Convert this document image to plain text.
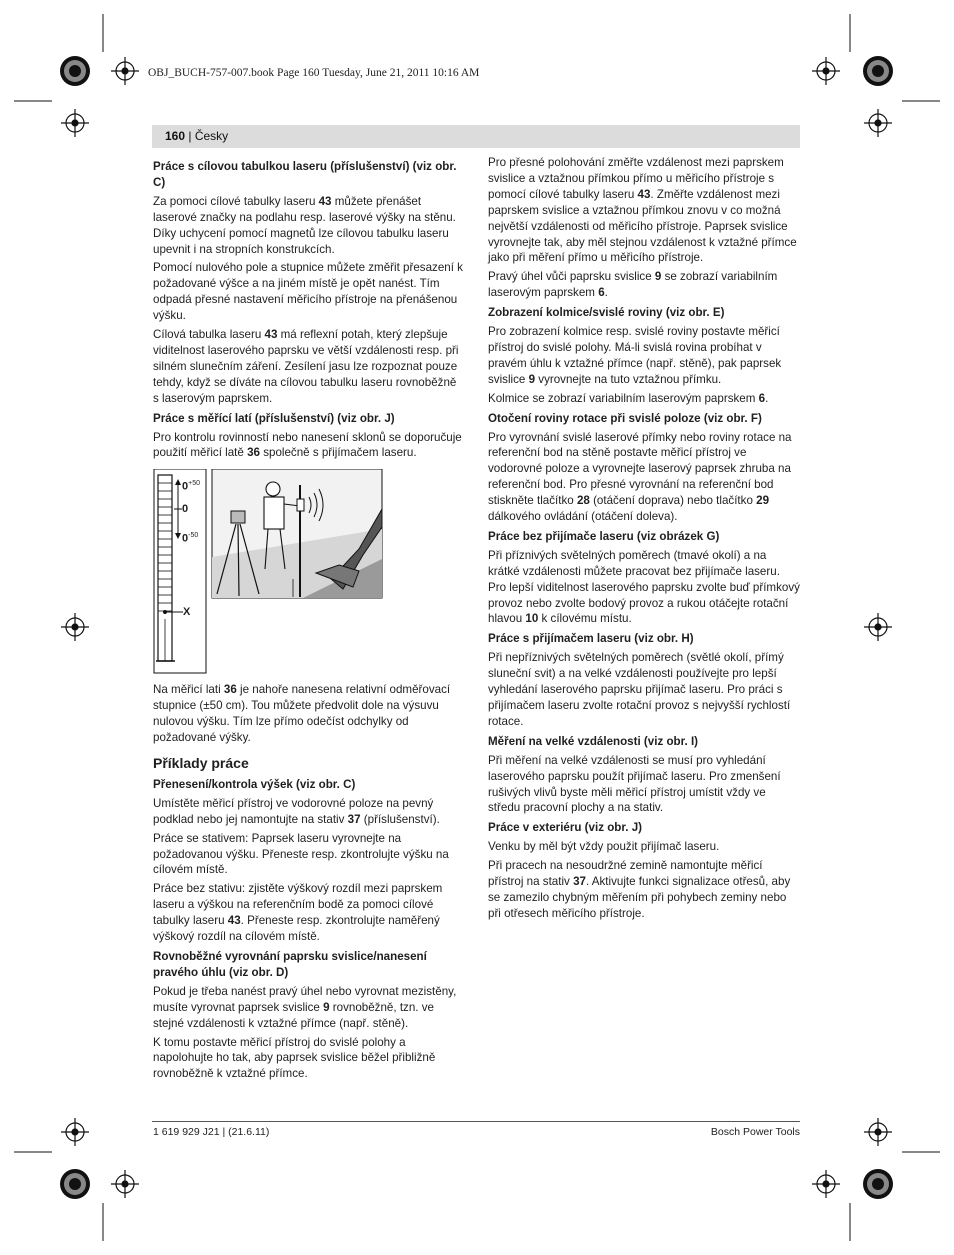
OBJ_BUCH-757-007.book Page 160 Tuesday, June 21, 2011 10:16 AM
160 | Česky
Práce s cílovou tabulkou laseru (příslušenství) (viz obr. C)

Za pomoci cílové tabulky laseru 43 můžete přenášet laserové značky na podlahu resp. laserové výšky na stěnu. Díky uchycení pomocí magnetů lze cílovou tabulku laseru upevnit i na stropních konstrukcích.

Pomocí nulového pole a stupnice můžete změřit přesazení k požadované výšce a na jiném místě je opět nanést. Tím odpadá přesné nastavení měřicího přístroje na přenášenou výšku.

Cílová tabulka laseru 43 má reflexní potah, který zlepšuje viditelnost laserového paprsku ve větší vzdálenosti resp. při silném slunečním záření. Zesílení jasu lze rozpoznat pouze tehdy, když se díváte na cílovou tabulku laseru rovnoběžně s laserovým paprskem.

Práce s měřící latí (příslušenství) (viz obr. J)

Pro kontrolu rovinností nebo nanesení sklonů se doporučuje použití měřicí latě 36 společně s přijímačem laseru.

$0^{+50}$
0
$0^{-50}$
X

Na měřicí lati 36 je nahoře nanesena relativní odměřovací stupnice (±50 cm). Tou můžete předvolit dole na výsuvu nulovou výšku. Tím lze přímo odečíst odchylky od požadované výšky.

Příklady práce
Přenesení/kontrola výšek (viz obr. C)

Umístěte měřicí přístroj ve vodorovné poloze na pevný podklad nebo jej namontujte na stativ 37 (příslušenství).

Práce se stativem: Paprsek laseru vyrovnejte na požadovanou výšku. Přeneste resp. zkontrolujte výšku na cílovém místě.

Práce bez stativu: zjistěte výškový rozdíl mezi paprskem laseru a výškou na referenčním bodě za pomoci cílové tabulky laseru 43. Přeneste resp. zkontrolujte naměřený výškový rozdíl na cílovém místě.

Rovnoběžné vyrovnání paprsku svislice/nanesení pravého úhlu (viz obr. D)

Pokud je třeba nanést pravý úhel nebo vyrovnat mezistěny, musíte vyrovnat paprsek svislice 9 rovnoběžně, tzn. ve stejné vzdálenosti k vztažné přímce (např. stěně).

K tomu postavte měřicí přístroj do svislé polohy a napolohujte ho tak, aby paprsek svislice běžel přibližně rovnoběžně k vztažné přímce.

Pro přesné polohování změřte vzdálenost mezi paprskem svislice a vztažnou přímkou přímo u měřicího přístroje s pomocí cílové tabulky laseru 43. Změřte vzdálenost mezi paprskem svislice a vztažnou přímkou znovu v co možná největší vzdálenosti od měřicího přístroje. Paprsek svislice vyrovnejte tak, aby měl stejnou vzdálenost k vztažné přímce jako při měření přímo u měřicího přístroje.

Pravý úhel vůči paprsku svislice 9 se zobrazí variabilním laserovým paprskem 6.

Zobrazení kolmice/svislé roviny (viz obr. E)

Pro zobrazení kolmice resp. svislé roviny postavte měřicí přístroj do svislé polohy. Má-li svislá rovina probíhat v pravém úhlu k vztažné přímce (např. stěně), pak paprsek svislice 9 vyrovnejte na tuto vztažnou přímku.

Kolmice se zobrazí variabilním laserovým paprskem 6.

Otočení roviny rotace při svislé poloze (viz obr. F)

Pro vyrovnání svislé laserové přímky nebo roviny rotace na referenční bod na stěně postavte měřicí přístroj ve vodorovné poloze a vyrovnejte laserový paprsek zhruba na referenční bod. Pro přesné vyrovnání na referenční bod stiskněte tlačítko 28 (otáčení doprava) nebo tlačítko 29 dálkového ovládání (otáčení doleva).

Práce bez přijímače laseru (viz obrázek G)

Při příznivých světelných poměrech (tmavé okolí) a na krátké vzdálenosti můžete pracovat bez přijímače laseru. Pro lepší viditelnost laserového paprsku zvolte buď přímkový provoz nebo zvolte bodový provoz a rukou otáčejte rotační hlavou 10 k cílovému místu.

Práce s přijímačem laseru (viz obr. H)

Při nepříznivých světelných poměrech (světlé okolí, přímý sluneční svit) a na velké vzdálenosti používejte pro lepší vyhledání laserového paprsku přijímač laseru. Pro práci s přijímačem laseru zvolte rotační provoz s nejvyšší rychlostí rotace.

Měření na velké vzdálenosti (viz obr. I)

Při měření na velké vzdálenosti se musí pro vyhledání laserového paprsku použít přijímač laseru. Pro zmenšení rušivých vlivů byste měli měřicí přístroj umístit vždy ve středu pracovní plochy a na stativ.

Práce v exteriéru (viz obr. J)

Venku by měl být vždy použit přijímač laseru.

Při pracech na nesoudržné zemině namontujte měřicí přístroj na stativ 37. Aktivujte funkci signalizace otřesů, aby se zamezilo chybným měřením při pohybech zeminy nebo při otřesech měřicího přístroje.

1 619 929 J21 | (21.6.11)	Bosch Power Tools
